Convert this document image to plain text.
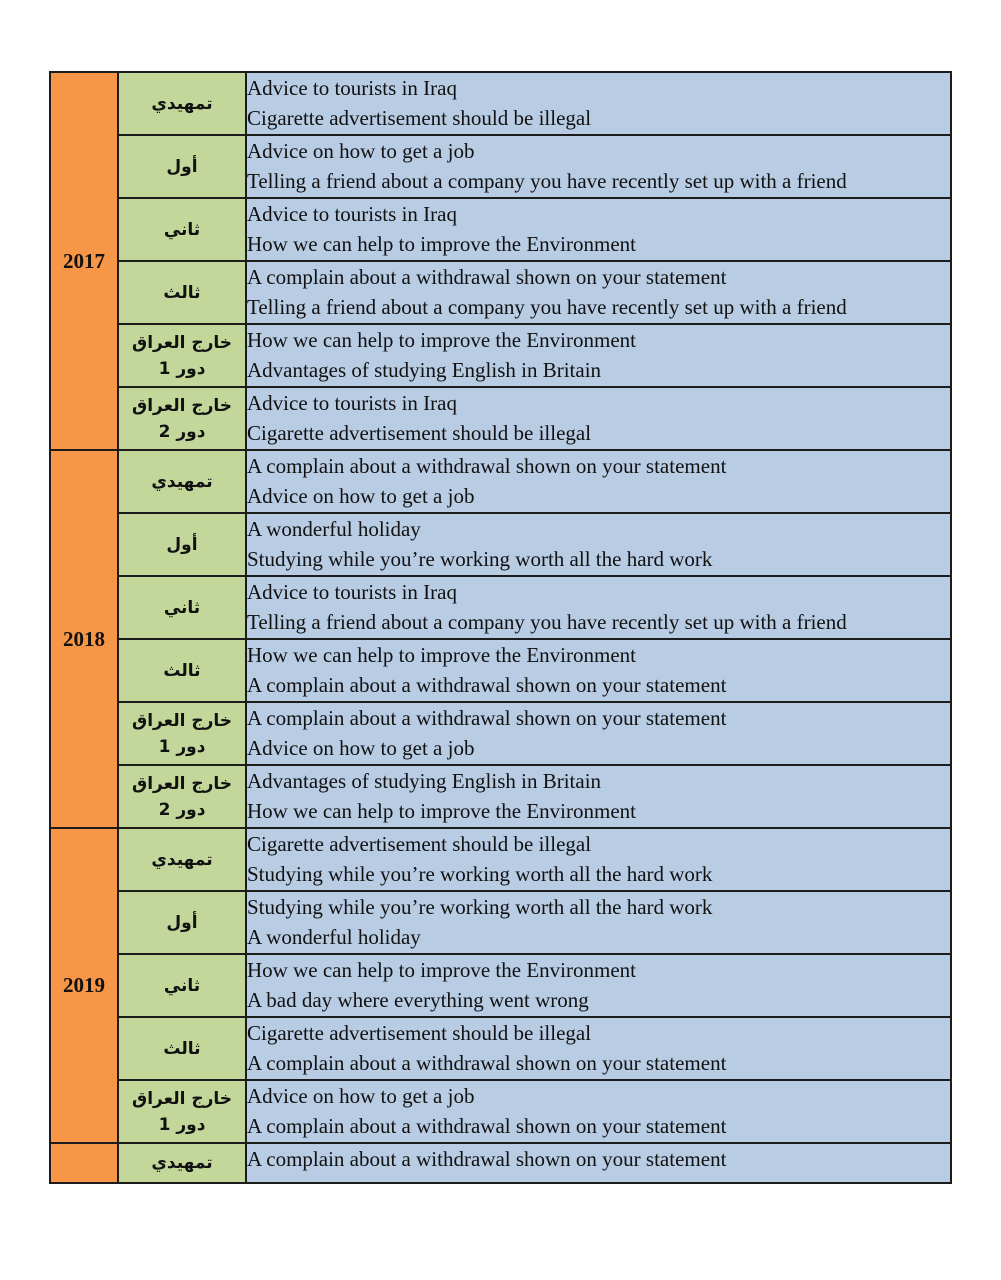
2017	تمهيدي	Advice to tourists in Iraq
Cigarette advertisement should be illegal

	أول	Advice on how to get a job
Telling a friend about a company you have recently set up with a friend

	ثاني	Advice to tourists in Iraq
How we can help to improve the Environment

	ثالث	A complain about a withdrawal shown on your statement
Telling a friend about a company you have recently set up with a friend

	خارج العراق
دور 1	How we can help to improve the Environment
Advantages of studying English in Britain

	خارج العراق
دور 2	Advice to tourists in Iraq
Cigarette advertisement should be illegal

2018	تمهيدي	A complain about a withdrawal shown on your statement
Advice on how to get a job

	أول	A wonderful holiday
Studying while you’re working worth all the hard work

	ثاني	Advice to tourists in Iraq
Telling a friend about a company you have recently set up with a friend

	ثالث	How we can help to improve the Environment
A complain about a withdrawal shown on your statement

	خارج العراق
دور 1	A complain about a withdrawal shown on your statement
Advice on how to get a job

	خارج العراق
دور 2	Advantages of studying English in Britain
How we can help to improve the Environment

2019	تمهيدي	Cigarette advertisement should be illegal
Studying while you’re working worth all the hard work

	أول	Studying while you’re working worth all the hard work
A wonderful holiday

	ثاني	How we can help to improve the Environment
A bad day where everything went wrong

	ثالث	Cigarette advertisement should be illegal
A complain about a withdrawal shown on your statement

	خارج العراق
دور 1	Advice on how to get a job
A complain about a withdrawal shown on your statement

	تمهيدي	A complain about a withdrawal shown on your statement
